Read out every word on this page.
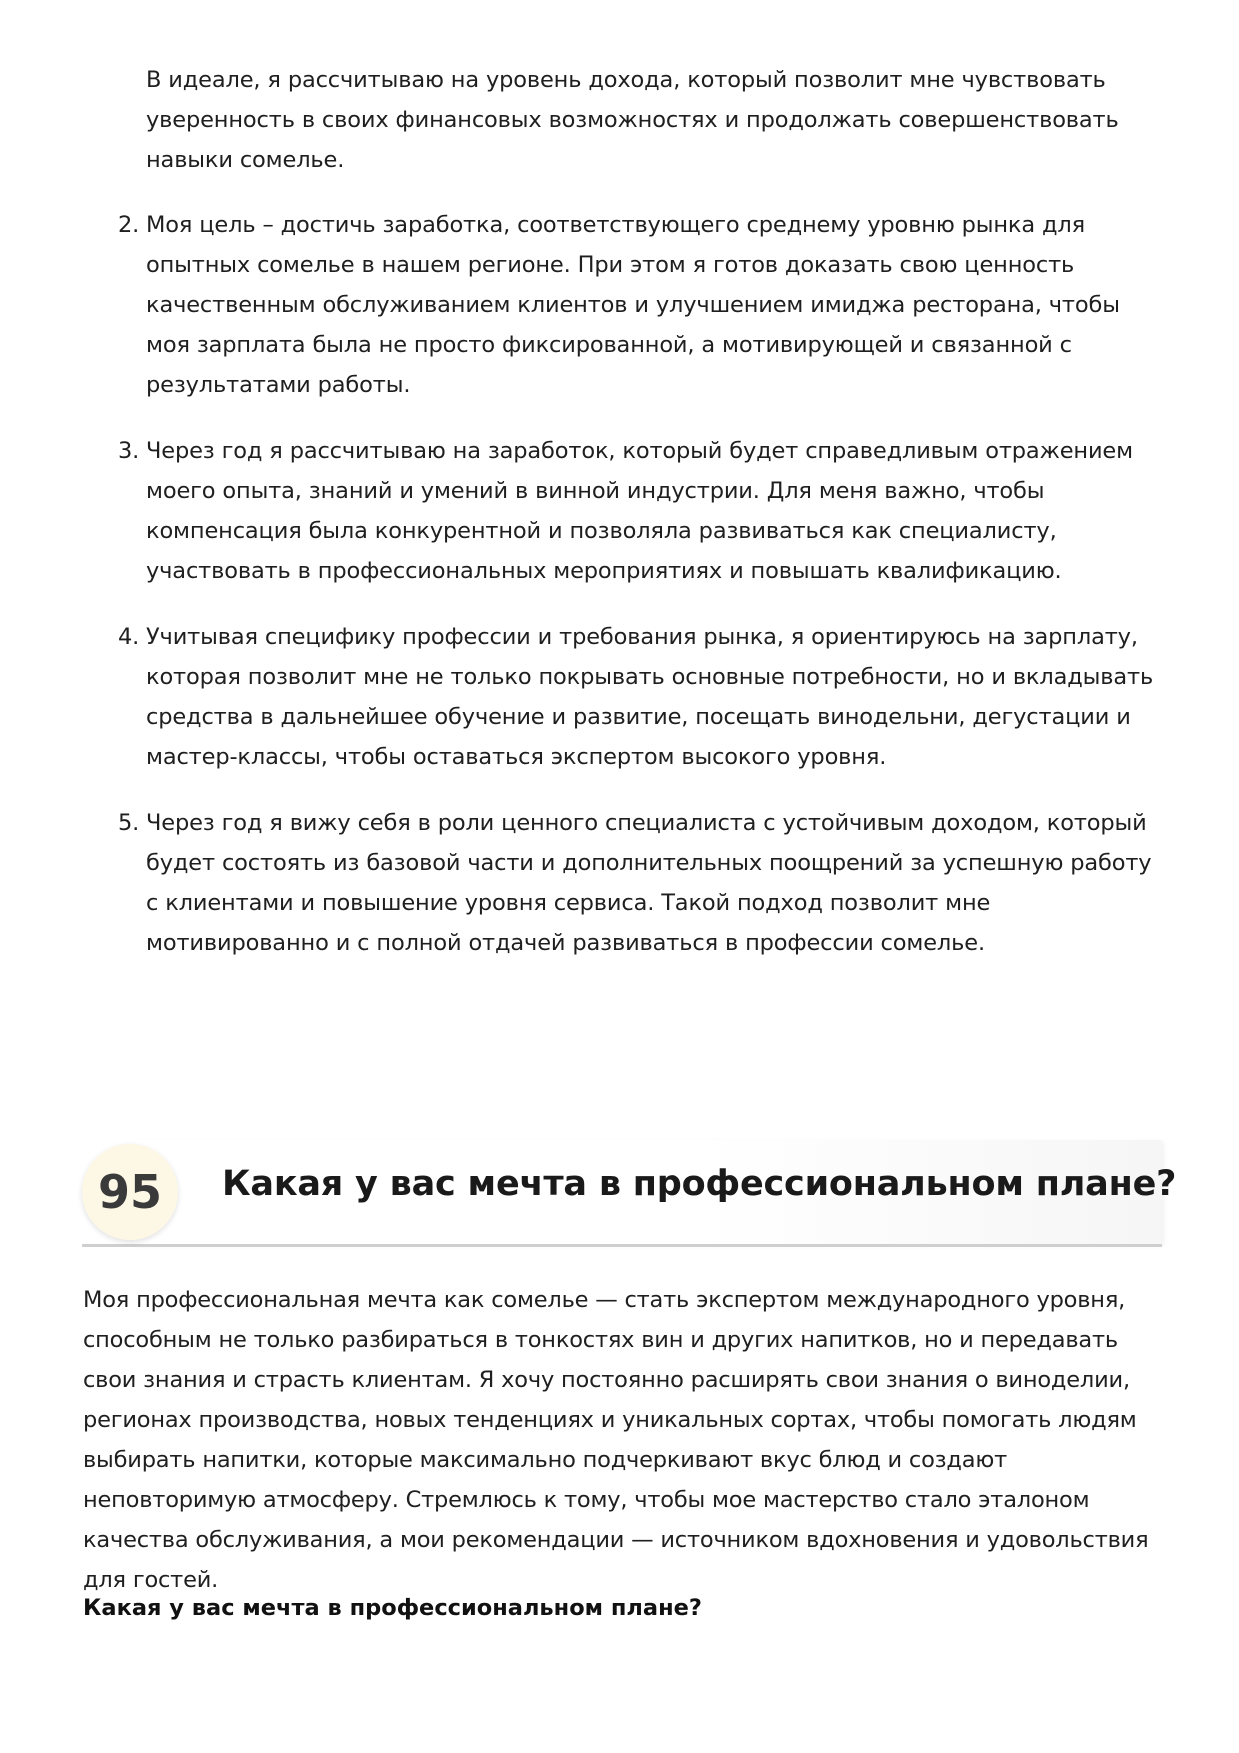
В идеале, я рассчитываю на уровень дохода, который позволит мне чувствовать уверенность в своих финансовых возможностях и продолжать совершенствовать навыки сомелье.

2. Моя цель – достичь заработка, соответствующего среднему уровню рынка для опытных сомелье в нашем регионе. При этом я готов доказать свою ценность качественным обслуживанием клиентов и улучшением имиджа ресторана, чтобы моя зарплата была не просто фиксированной, а мотивирующей и связанной с результатами работы.
3. Через год я рассчитываю на заработок, который будет справедливым отражением моего опыта, знаний и умений в винной индустрии. Для меня важно, чтобы компенсация была конкурентной и позволяла развиваться как специалисту, участвовать в профессиональных мероприятиях и повышать квалификацию.
4. Учитывая специфику профессии и требования рынка, я ориентируюсь на зарплату, которая позволит мне не только покрывать основные потребности, но и вкладывать средства в дальнейшее обучение и развитие, посещать винодельни, дегустации и мастер-классы, чтобы оставаться экспертом высокого уровня.
5. Через год я вижу себя в роли ценного специалиста с устойчивым доходом, который будет состоять из базовой части и дополнительных поощрений за успешную работу с клиентами и повышение уровня сервиса. Такой подход позволит мне мотивированно и с полной отдачей развиваться в профессии сомелье.
95	Какая у вас мечта в профессиональном плане?

Моя профессиональная мечта как сомелье — стать экспертом международного уровня, способным не только разбираться в тонкостях вин и других напитков, но и передавать свои знания и страсть клиентам. Я хочу постоянно расширять свои знания о виноделии, регионах производства, новых тенденциях и уникальных сортах, чтобы помогать людям выбирать напитки, которые максимально подчеркивают вкус блюд и создают неповторимую атмосферу. Стремлюсь к тому, чтобы мое мастерство стало эталоном качества обслуживания, а мои рекомендации — источником вдохновения и удовольствия для гостей.

Какая у вас мечта в профессиональном плане?
